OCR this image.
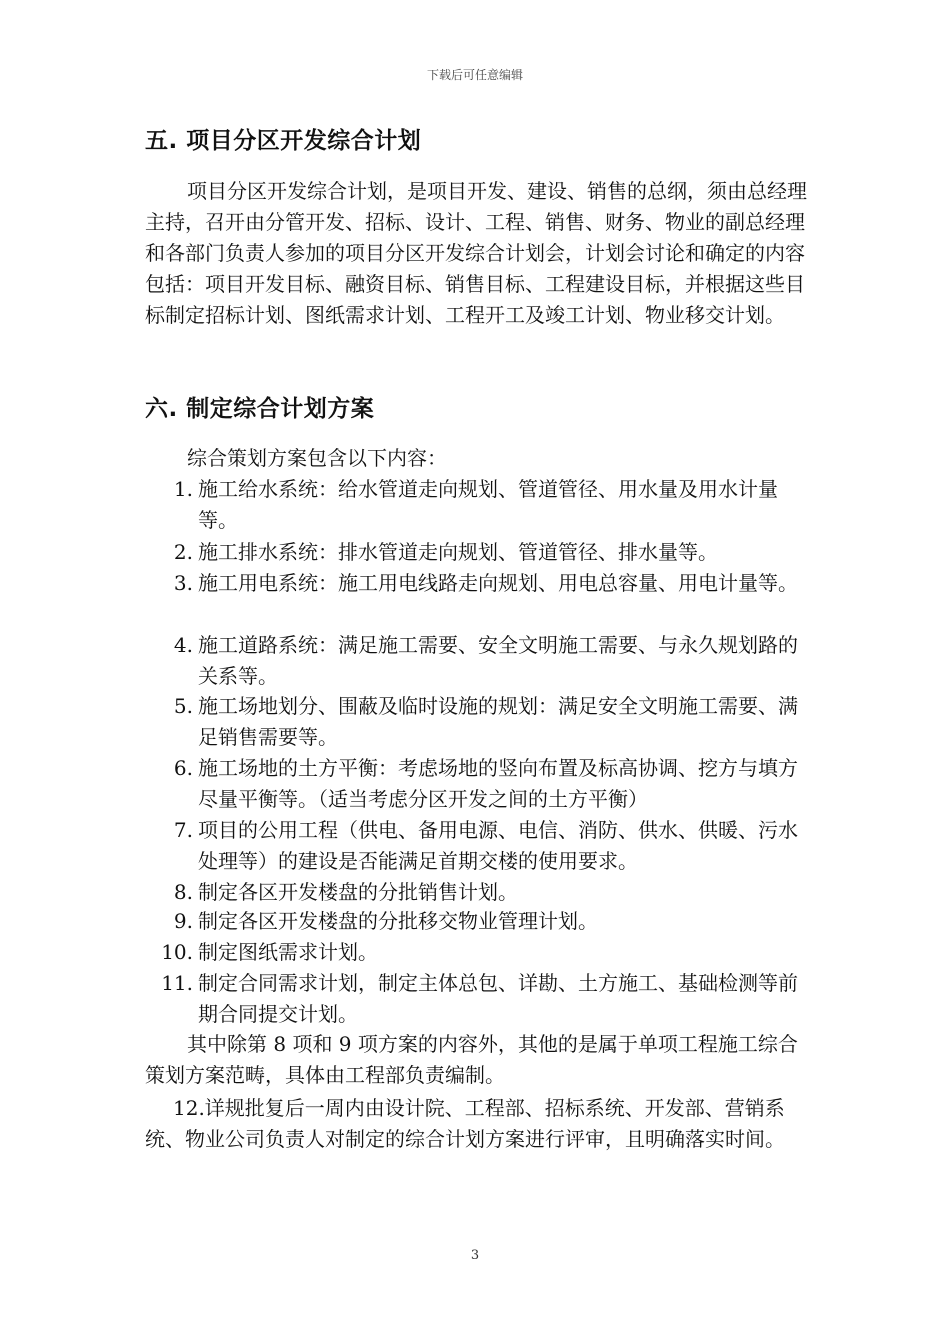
下载后可任意编辑
五. 项目分区开发综合计划
项目分区开发综合计划，是项目开发、建设、销售的总纲，须由总经理主持，召开由分管开发、招标、设计、工程、销售、财务、物业的副总经理和各部门负责人参加的项目分区开发综合计划会，计划会讨论和确定的内容包括：项目开发目标、融资目标、销售目标、工程建设目标，并根据这些目标制定招标计划、图纸需求计划、工程开工及竣工计划、物业移交计划。
六. 制定综合计划方案
综合策划方案包含以下内容：
1. 施工给水系统：给水管道走向规划、管道管径、用水量及用水计量等。
2. 施工排水系统：排水管道走向规划、管道管径、排水量等。
3. 施工用电系统：施工用电线路走向规划、用电总容量、用电计量等。
4. 施工道路系统：满足施工需要、安全文明施工需要、与永久规划路的关系等。
5. 施工场地划分、围蔽及临时设施的规划：满足安全文明施工需要、满足销售需要等。
6. 施工场地的土方平衡：考虑场地的竖向布置及标高协调、挖方与填方尽量平衡等。（适当考虑分区开发之间的土方平衡）
7. 项目的公用工程（供电、备用电源、电信、消防、供水、供暖、污水处理等）的建设是否能满足首期交楼的使用要求。
8. 制定各区开发楼盘的分批销售计划。
9. 制定各区开发楼盘的分批移交物业管理计划。
10. 制定图纸需求计划。
11. 制定合同需求计划，制定主体总包、详勘、土方施工、基础检测等前期合同提交计划。
其中除第 8 项和 9 项方案的内容外，其他的是属于单项工程施工综合策划方案范畴，具体由工程部负责编制。
12.详规批复后一周内由设计院、工程部、招标系统、开发部、营销系统、物业公司负责人对制定的综合计划方案进行评审，且明确落实时间。
3
